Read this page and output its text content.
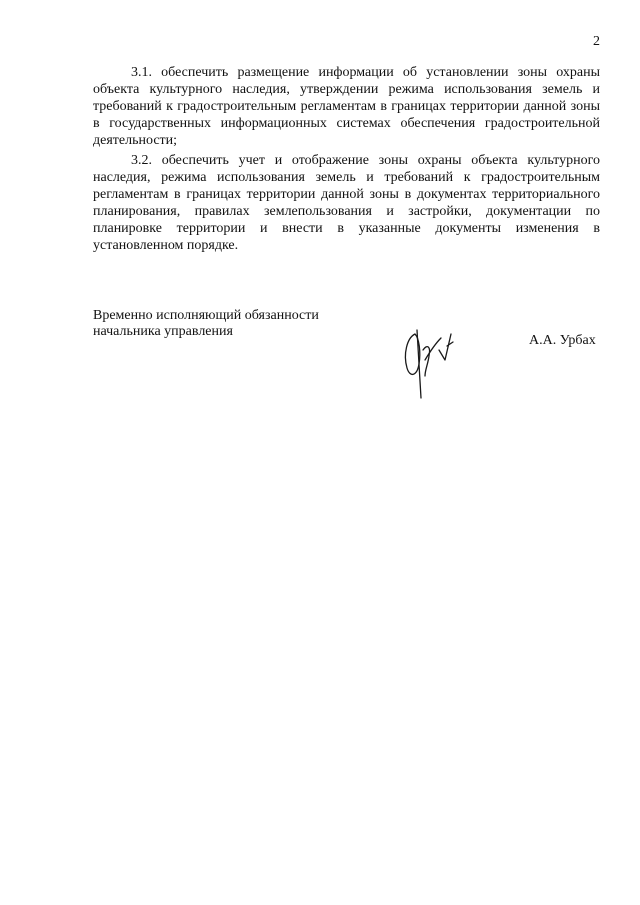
2

3.1. обеспечить размещение информации об установлении зоны охраны объекта культурного наследия, утверждении режима использования земель и требований к градостроительным регламентам в границах территории данной зоны в государственных информационных системах обеспечения градостроительной деятельности;

3.2. обеспечить учет и отображение зоны охраны объекта культурного наследия, режима использования земель и требований к градостроительным регламентам в границах территории данной зоны в документах территориального планирования, правилах землепользования и застройки, документации по планировке территории и внести в указанные документы изменения в установленном порядке.

Временно исполняющий обязанности
начальника управления
А.А. Урбах
